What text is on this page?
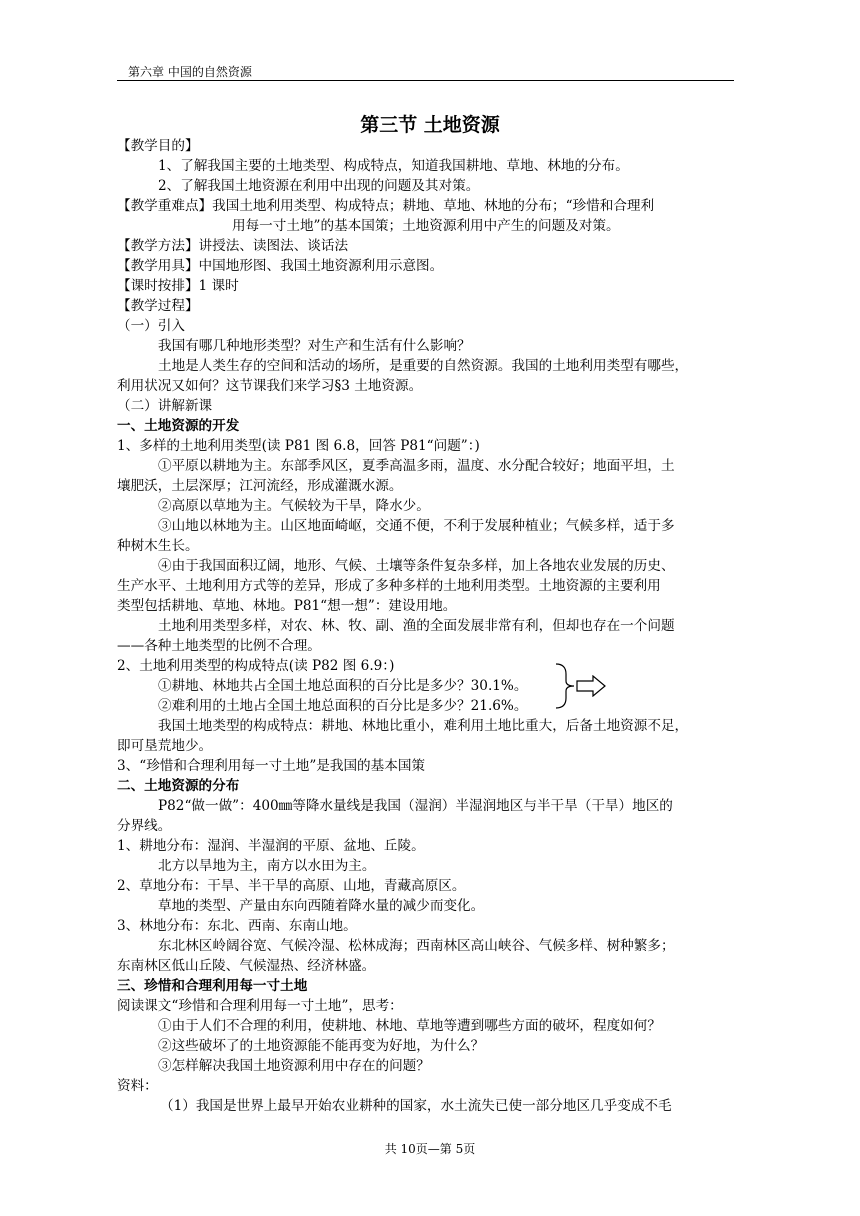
第六章 中国的自然资源
第三节 土地资源
【教学目的】
1、了解我国主要的土地类型、构成特点，知道我国耕地、草地、林地的分布。
2、了解我国土地资源在利用中出现的问题及其对策。
【教学重难点】我国土地利用类型、构成特点；耕地、草地、林地的分布；“珍惜和合理利
用每一寸土地”的基本国策；土地资源利用中产生的问题及对策。
【教学方法】讲授法、读图法、谈话法
【教学用具】中国地形图、我国土地资源利用示意图。
【课时按排】1 课时
【教学过程】
（一）引入
我国有哪几种地形类型？对生产和生活有什么影响？
土地是人类生存的空间和活动的场所，是重要的自然资源。我国的土地利用类型有哪些，
利用状况又如何？这节课我们来学习§3 土地资源。
（二）讲解新课
一、土地资源的开发
1、多样的土地利用类型(读 P81 图 6.8，回答 P81“问题”：)
①平原以耕地为主。东部季风区，夏季高温多雨，温度、水分配合较好；地面平坦，土
壤肥沃，土层深厚；江河流经，形成灌溉水源。
②高原以草地为主。气候较为干旱，降水少。
③山地以林地为主。山区地面崎岖，交通不便，不利于发展种植业；气候多样，适于多
种树木生长。
④由于我国面积辽阔，地形、气候、土壤等条件复杂多样，加上各地农业发展的历史、
生产水平、土地利用方式等的差异，形成了多种多样的土地利用类型。土地资源的主要利用
类型包括耕地、草地、林地。P81“想一想”：建设用地。
土地利用类型多样，对农、林、牧、副、渔的全面发展非常有利，但却也存在一个问题
——各种土地类型的比例不合理。
2、土地利用类型的构成特点(读 P82 图 6.9：)
①耕地、林地共占全国土地总面积的百分比是多少？30.1%。
②难利用的土地占全国土地总面积的百分比是多少？21.6%。
我国土地类型的构成特点：耕地、林地比重小，难利用土地比重大，后备土地资源不足，
即可垦荒地少。
3、“珍惜和合理利用每一寸土地”是我国的基本国策
二、土地资源的分布
P82“做一做”：400㎜等降水量线是我国（湿润）半湿润地区与半干旱（干旱）地区的
分界线。
1、耕地分布：湿润、半湿润的平原、盆地、丘陵。
北方以旱地为主，南方以水田为主。
2、草地分布：干旱、半干旱的高原、山地，青藏高原区。
草地的类型、产量由东向西随着降水量的减少而变化。
3、林地分布：东北、西南、东南山地。
东北林区岭阔谷宽、气候冷湿、松林成海；西南林区高山峡谷、气候多样、树种繁多；
东南林区低山丘陵、气候湿热、经济林盛。
三、珍惜和合理利用每一寸土地
阅读课文“珍惜和合理利用每一寸土地”，思考：
①由于人们不合理的利用，使耕地、林地、草地等遭到哪些方面的破坏，程度如何？
②这些破坏了的土地资源能不能再变为好地，为什么？
③怎样解决我国土地资源利用中存在的问题？
资料：
（1）我国是世界上最早开始农业耕种的国家，水土流失已使一部分地区几乎变成不毛
共 10页—第 5页
